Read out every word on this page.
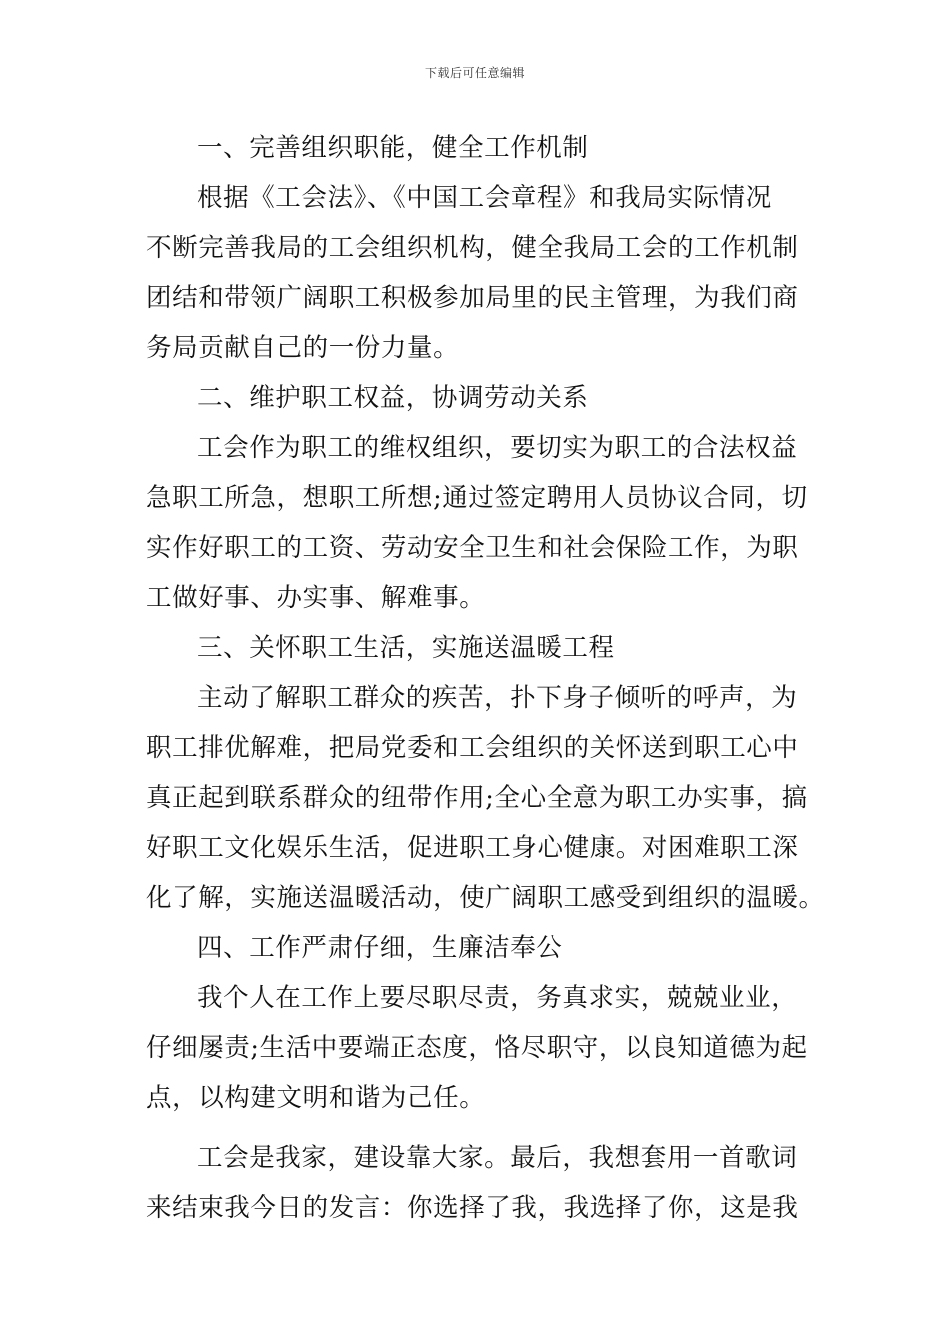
下载后可任意编辑
一、完善组织职能，健全工作机制
根据《工会法》、《中国工会章程》和我局实际情况
不断完善我局的工会组织机构，健全我局工会的工作机制
团结和带领广阔职工积极参加局里的民主管理，为我们商
务局贡献自己的一份力量。
二、维护职工权益，协调劳动关系
工会作为职工的维权组织，要切实为职工的合法权益
急职工所急，想职工所想;通过签定聘用人员协议合同，切
实作好职工的工资、劳动安全卫生和社会保险工作，为职
工做好事、办实事、解难事。
三、关怀职工生活，实施送温暖工程
主动了解职工群众的疾苦，扑下身子倾听的呼声，为
职工排优解难，把局党委和工会组织的关怀送到职工心中
真正起到联系群众的纽带作用;全心全意为职工办实事，搞
好职工文化娱乐生活，促进职工身心健康。对困难职工深
化了解，实施送温暖活动，使广阔职工感受到组织的温暖。
四、工作严肃仔细，生廉洁奉公
我个人在工作上要尽职尽责，务真求实，兢兢业业，
仔细屡责;生活中要端正态度，恪尽职守，以良知道德为起
点，以构建文明和谐为己任。
工会是我家，建设靠大家。最后，我想套用一首歌词
来结束我今日的发言：你选择了我，我选择了你，这是我
